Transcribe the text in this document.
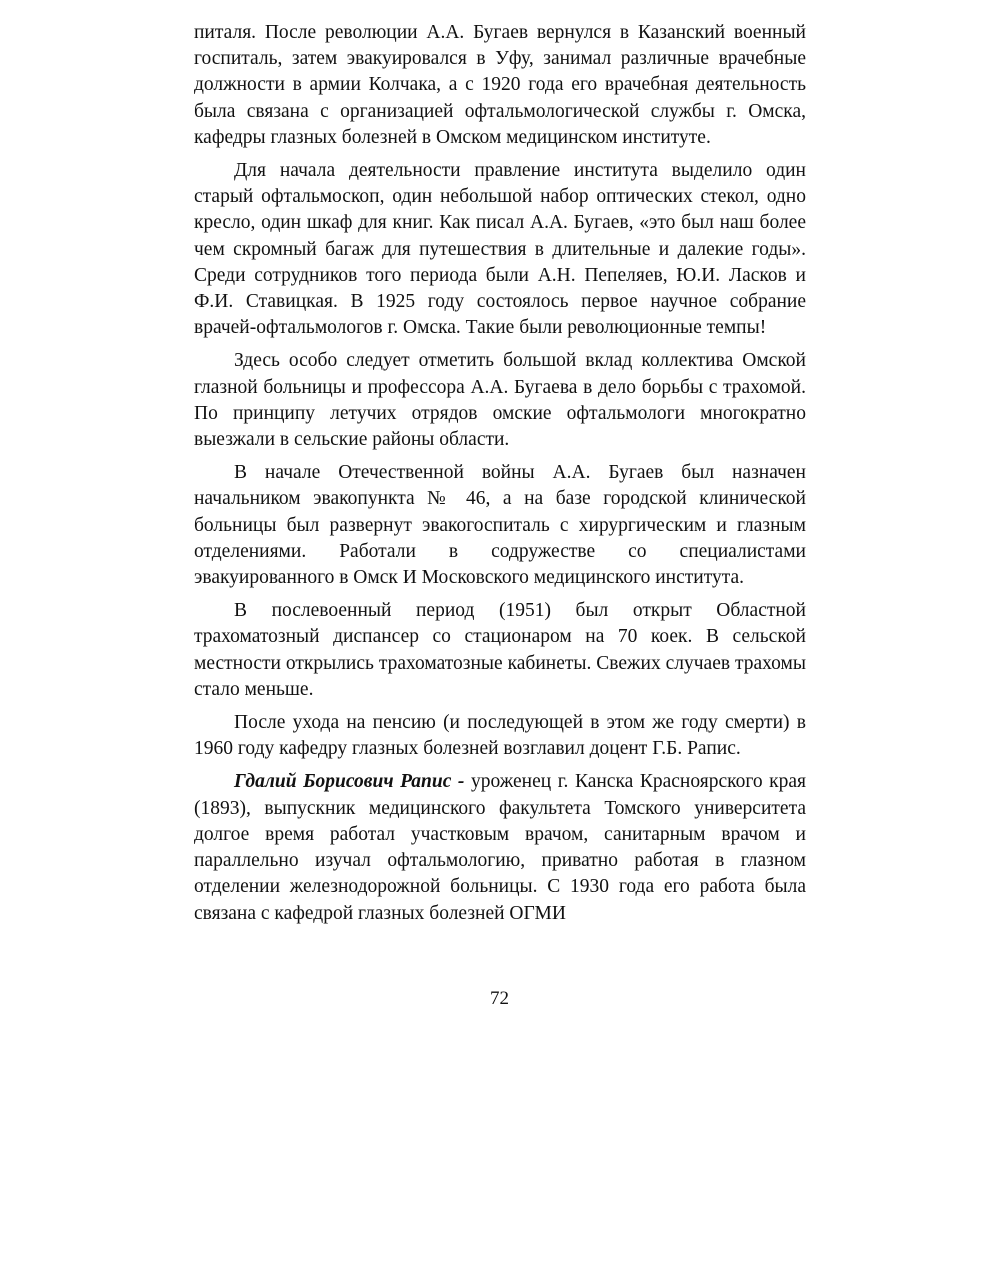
питаля. После революции А.А. Бугаев вернулся в Казанский военный госпиталь, затем эвакуировался в Уфу, занимал различные врачебные должности в армии Колчака, а с 1920 года его врачебная деятельность была связана с организацией офтальмологической службы г. Омска, кафедры глазных болезней в Омском медицинском институте.

Для начала деятельности правление института выделило один старый офтальмоскоп, один небольшой набор оптических стекол, одно кресло, один шкаф для книг. Как писал А.А. Бугаев, «это был наш более чем скромный багаж для путешествия в длительные и далекие годы». Среди сотрудников того периода были А.Н. Пепеляев, Ю.И. Ласков и Ф.И. Ставицкая. В 1925 году состоялось первое научное собрание врачей-офтальмологов г. Омска. Такие были революционные темпы!

Здесь особо следует отметить большой вклад коллектива Омской глазной больницы и профессора А.А. Бугаева в дело борьбы с трахомой. По принципу летучих отрядов омские офтальмологи многократно выезжали в сельские районы области.

В начале Отечественной войны А.А. Бугаев был назначен начальником эвакопункта № 46, а на базе городской клинической больницы был развернут эвакогоспиталь с хирургическим и глазным отделениями. Работали в содружестве со специалистами эвакуированного в Омск И Московского медицинского института.

В послевоенный период (1951) был открыт Областной трахоматозный диспансер со стационаром на 70 коек. В сельской местности открылись трахоматозные кабинеты. Свежих случаев трахомы стало меньше.

После ухода на пенсию (и последующей в этом же году смерти) в 1960 году кафедру глазных болезней возглавил доцент Г.Б. Рапис.

Гдалий Борисович Рапис - уроженец г. Канска Красноярского края (1893), выпускник медицинского факультета Томского университета долгое время работал участковым врачом, санитарным врачом и параллельно изучал офтальмологию, приватно работая в глазном отделении железнодорожной больницы. С 1930 года его работа была связана с кафедрой глазных болезней ОГМИ

72
